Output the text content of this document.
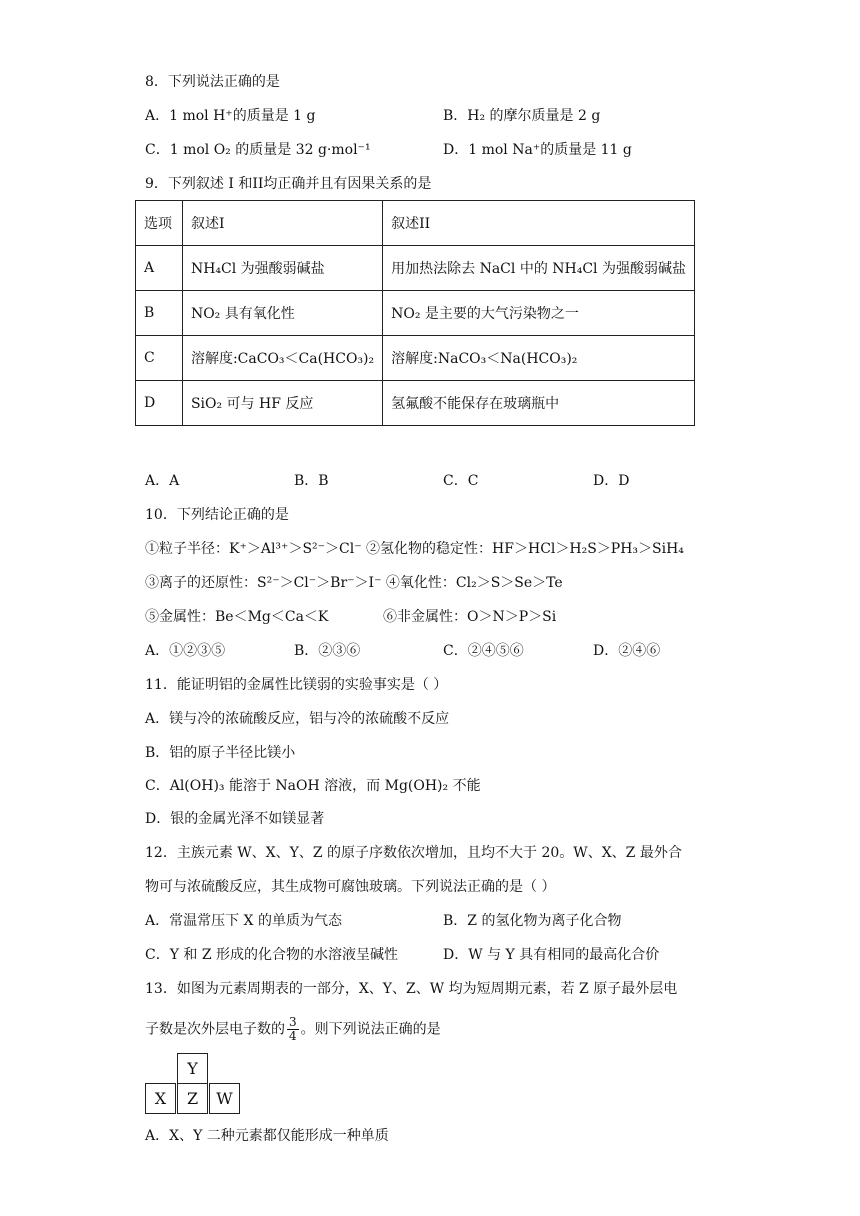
8．下列说法正确的是
A．1 mol H⁺的质量是 1 g	B．H₂ 的摩尔质量是 2 g
C．1 mol O₂ 的质量是 32 g·mol⁻¹	D．1 mol Na⁺的质量是 11 g
9．下列叙述 I 和II均正确并且有因果关系的是
选项	叙述I	叙述II
A	NH₄Cl 为强酸弱碱盐	用加热法除去 NaCl 中的 NH₄Cl 为强酸弱碱盐
B	NO₂ 具有氧化性	NO₂ 是主要的大气污染物之一
C	溶解度:CaCO₃＜Ca(HCO₃)₂	溶解度:NaCO₃＜Na(HCO₃)₂
D	SiO₂ 可与 HF 反应	氢氟酸不能保存在玻璃瓶中
A．A	B．B	C．C	D．D
10．下列结论正确的是
①粒子半径：K⁺＞Al³⁺＞S²⁻＞Cl⁻ ②氢化物的稳定性：HF＞HCl＞H₂S＞PH₃＞SiH₄
③离子的还原性：S²⁻＞Cl⁻＞Br⁻＞I⁻ ④氧化性：Cl₂＞S＞Se＞Te
⑤金属性：Be＜Mg＜Ca＜K	⑥非金属性：O＞N＞P＞Si
A．①②③⑤	B．②③⑥	C．②④⑤⑥	D．②④⑥
11．能证明铝的金属性比镁弱的实验事实是（ ）
A．镁与冷的浓硫酸反应，铝与冷的浓硫酸不反应
B．铝的原子半径比镁小
C．Al(OH)₃ 能溶于 NaOH 溶液，而 Mg(OH)₂ 不能
D．银的金属光泽不如镁显著
12．主族元素 W、X、Y、Z 的原子序数依次增加，且均不大于 20。W、X、Z 最外合
物可与浓硫酸反应，其生成物可腐蚀玻璃。下列说法正确的是（ ）
A．常温常压下 X 的单质为气态	B．Z 的氢化物为离子化合物
C．Y 和 Z 形成的化合物的水溶液呈碱性	D．W 与 Y 具有相同的最高化合价
13．如图为元素周期表的一部分，X、Y、Z、W 均为短周期元素，若 Z 原子最外层电
子数是次外层电子数的 $\frac{3}{4}$ 。则下列说法正确的是
Y
X	Z	W
A．X、Y 二种元素都仅能形成一种单质
